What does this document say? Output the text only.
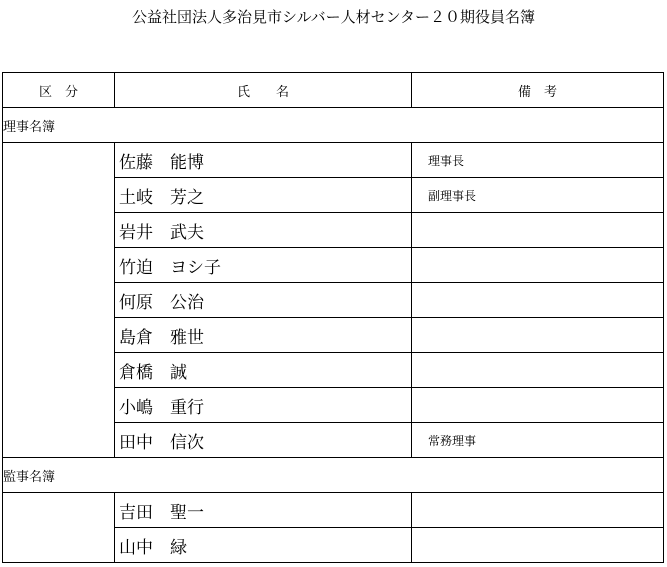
公益社団法人多治見市シルバー人材センター２０期役員名簿
区　分	氏　　名	備　考
理事名簿		
	佐藤　能博	理事長
	土岐　芳之	副理事長
	岩井　武夫	
	竹迫　ヨシ子	
	何原　公治	
	島倉　雅世	
	倉橋　誠	
	小嶋　重行	
	田中　信次	常務理事
監事名簿		
	吉田　聖一	
	山中　緑	
